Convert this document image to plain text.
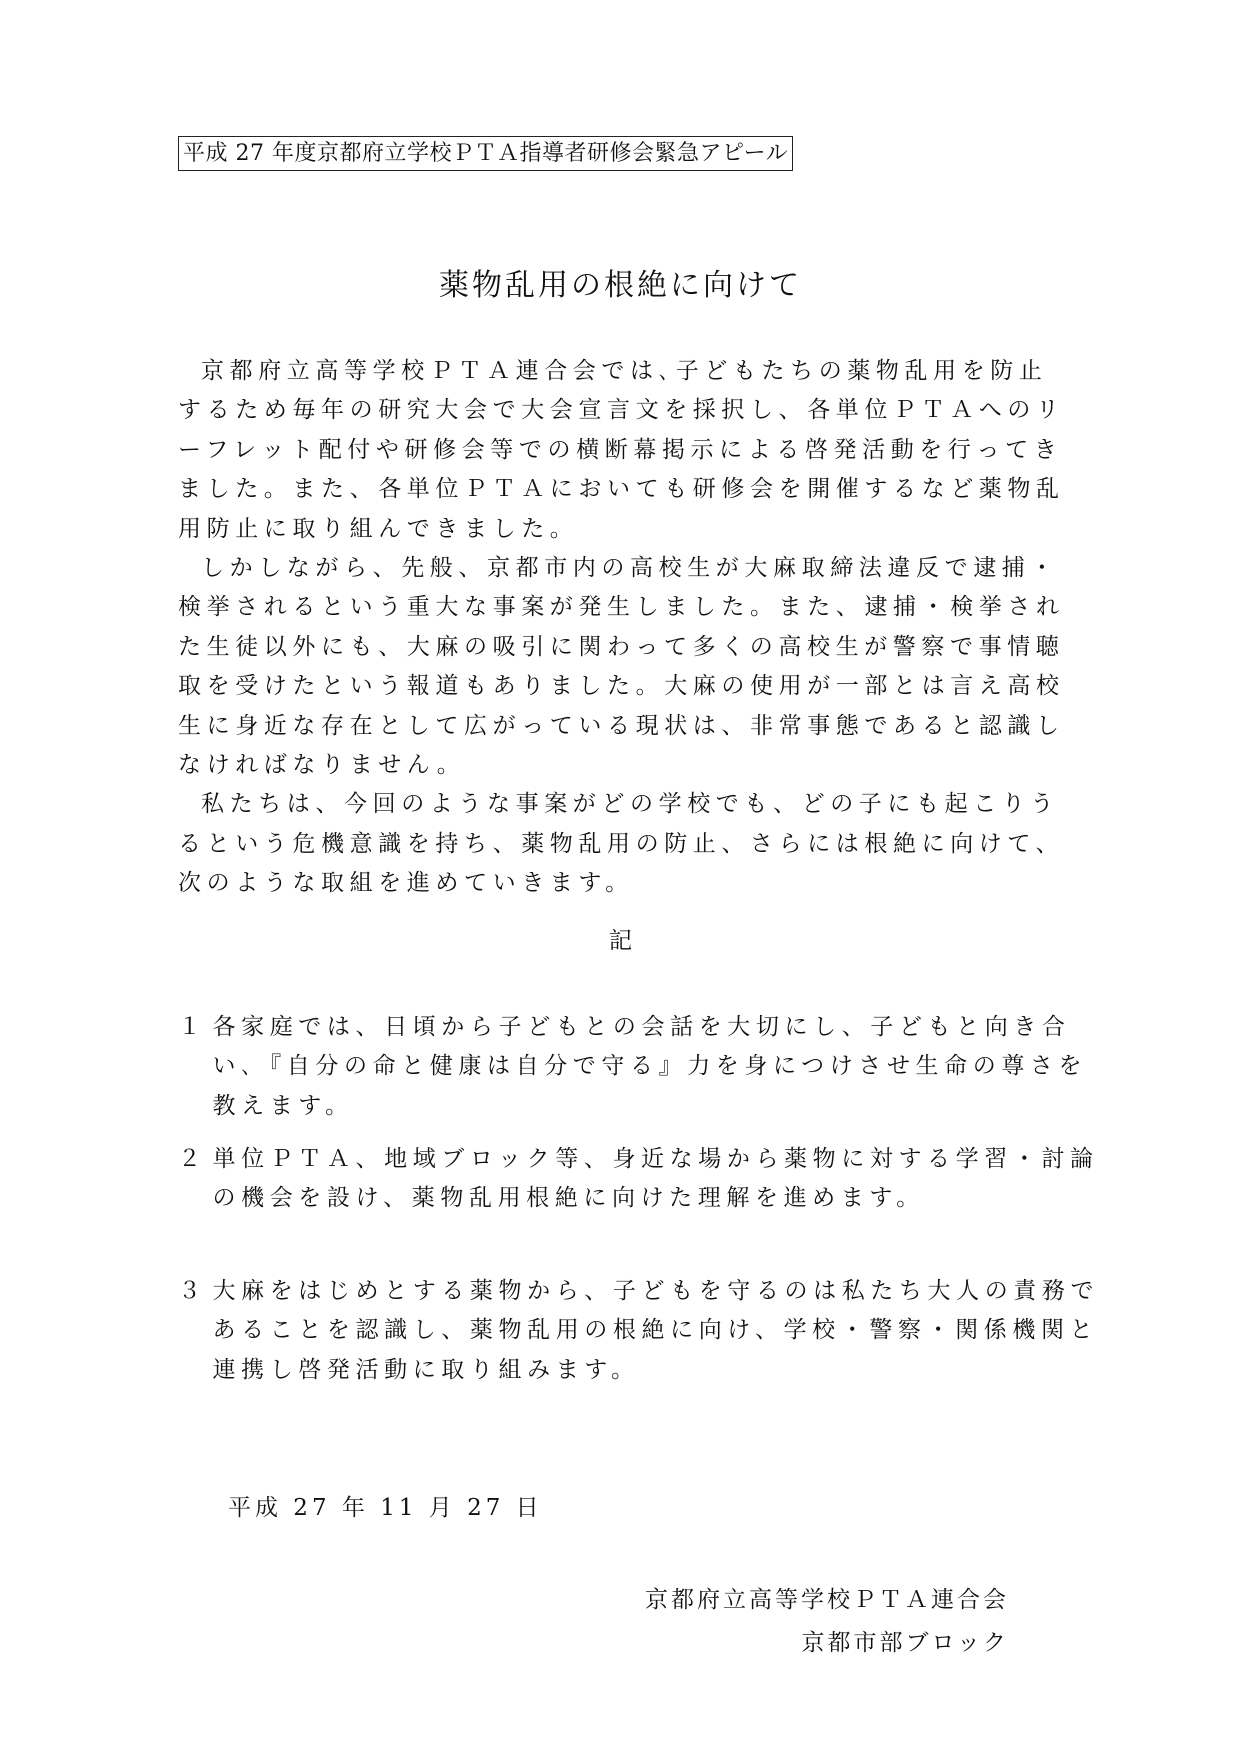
平成 27 年度京都府立学校ＰＴＡ指導者研修会緊急アピール
薬物乱用の根絶に向けて

京都府立高等学校ＰＴＡ連合会では､子どもたちの薬物乱用を防止するため毎年の研究大会で大会宣言文を採択し、各単位ＰＴＡへのリーフレット配付や研修会等での横断幕掲示による啓発活動を行ってきました。また、各単位ＰＴＡにおいても研修会を開催するなど薬物乱用防止に取り組んできました。

しかしながら、先般、京都市内の高校生が大麻取締法違反で逮捕・検挙されるという重大な事案が発生しました。また、逮捕・検挙された生徒以外にも、大麻の吸引に関わって多くの高校生が警察で事情聴取を受けたという報道もありました。大麻の使用が一部とは言え高校生に身近な存在として広がっている現状は、非常事態であると認識しなければなりません。

私たちは、今回のような事案がどの学校でも、どの子にも起こりうるという危機意識を持ち、薬物乱用の防止、さらには根絶に向けて、次のような取組を進めていきます。

記
１ 各家庭では、日頃から子どもとの会話を大切にし、子どもと向き合い､『自分の命と健康は自分で守る』力を身につけさせ生命の尊さを教えます。
２ 単位ＰＴＡ、地域ブロック等、身近な場から薬物に対する学習・討論の機会を設け、薬物乱用根絶に向けた理解を進めます。
３ 大麻をはじめとする薬物から、子どもを守るのは私たち大人の責務であることを認識し、薬物乱用の根絶に向け、学校・警察・関係機関と連携し啓発活動に取り組みます。
平成 27 年 11 月 27 日
京都府立高等学校ＰＴＡ連合会
京都市部ブロック
